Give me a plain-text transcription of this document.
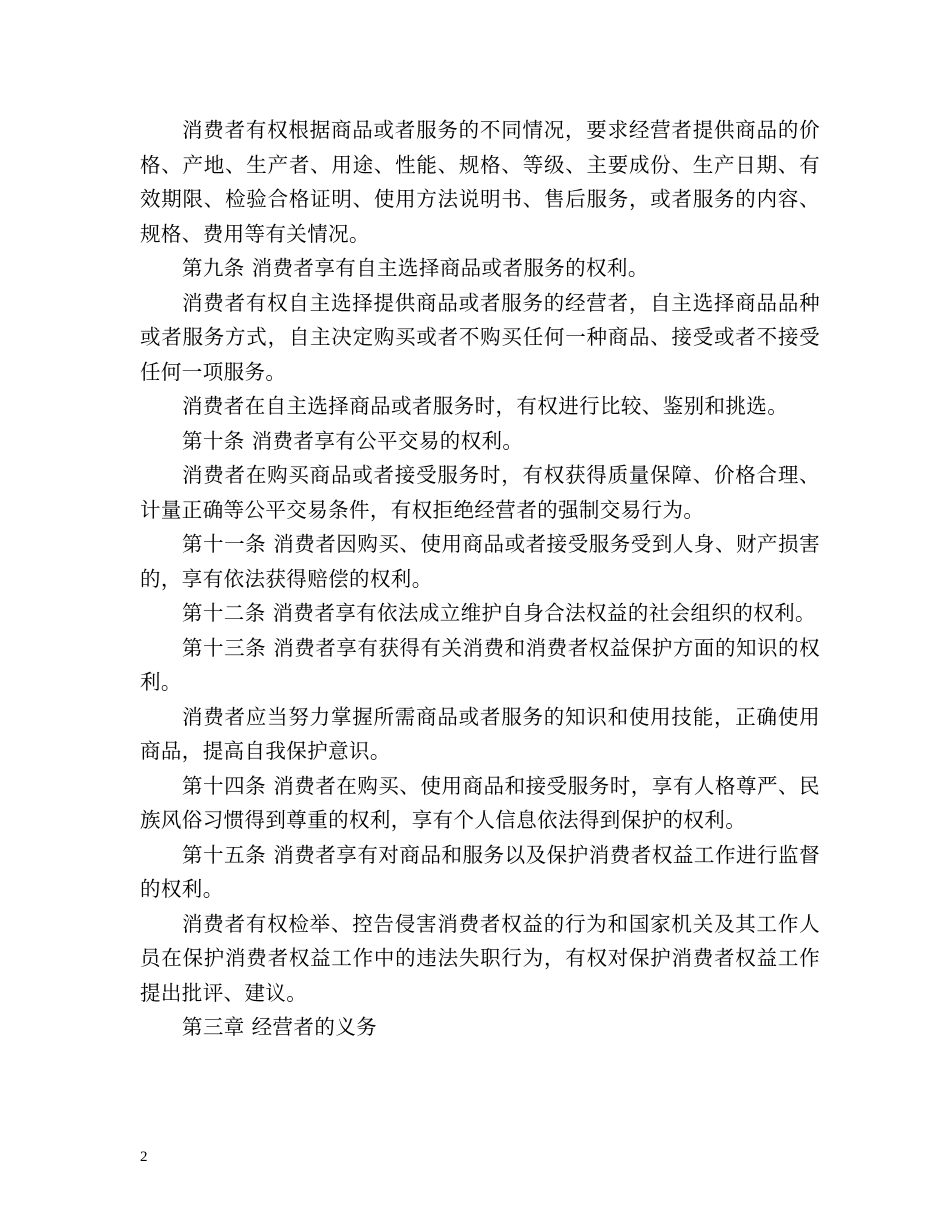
消费者有权根据商品或者服务的不同情况，要求经营者提供商品的价格、产地、生产者、用途、性能、规格、等级、主要成份、生产日期、有效期限、检验合格证明、使用方法说明书、售后服务，或者服务的内容、规格、费用等有关情况。

第九条 消费者享有自主选择商品或者服务的权利。

消费者有权自主选择提供商品或者服务的经营者，自主选择商品品种或者服务方式，自主决定购买或者不购买任何一种商品、接受或者不接受任何一项服务。

消费者在自主选择商品或者服务时，有权进行比较、鉴别和挑选。

第十条 消费者享有公平交易的权利。

消费者在购买商品或者接受服务时，有权获得质量保障、价格合理、计量正确等公平交易条件，有权拒绝经营者的强制交易行为。

第十一条 消费者因购买、使用商品或者接受服务受到人身、财产损害的，享有依法获得赔偿的权利。

第十二条 消费者享有依法成立维护自身合法权益的社会组织的权利。

第十三条 消费者享有获得有关消费和消费者权益保护方面的知识的权利。

消费者应当努力掌握所需商品或者服务的知识和使用技能，正确使用商品，提高自我保护意识。

第十四条 消费者在购买、使用商品和接受服务时，享有人格尊严、民族风俗习惯得到尊重的权利，享有个人信息依法得到保护的权利。

第十五条 消费者享有对商品和服务以及保护消费者权益工作进行监督的权利。

消费者有权检举、控告侵害消费者权益的行为和国家机关及其工作人员在保护消费者权益工作中的违法失职行为，有权对保护消费者权益工作提出批评、建议。

第三章 经营者的义务

2
